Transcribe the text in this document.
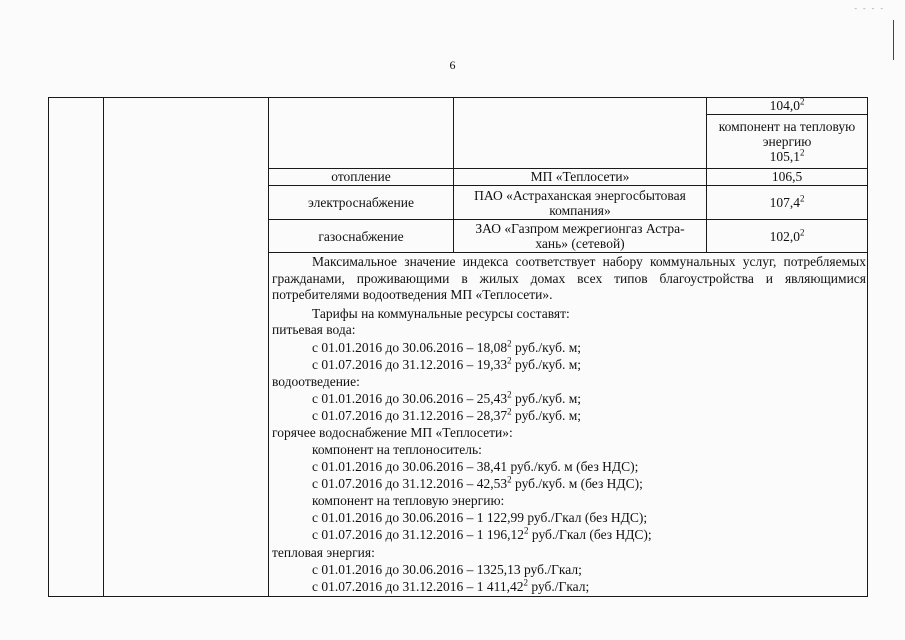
- - - -
6
104,0$^2$
компонент на тепловую
энергию
105,1$^2$
отопление	МП «Теплосети»	106,5
электроснабжение	ПАО «Астраханская энергосбытовая
компания»	107,4$^2$
газоснабжение	ЗАО «Газпром межрегионгаз Астра-
хань» (сетевой)	102,0$^2$
Максимальное значение индекса соответствует набору коммунальных услуг, потребляемых гражданами, проживающими в жилых домах всех типов благоустройства и являющимися потребителями водоотведения МП «Теплосети».
Тарифы на коммунальные ресурсы составят:
питьевая вода:
с 01.01.2016 до 30.06.2016 – 18,08$^2$ руб./куб. м;
с 01.07.2016 до 31.12.2016 – 19,33$^2$ руб./куб. м;
водоотведение:
с 01.01.2016 до 30.06.2016 – 25,43$^2$ руб./куб. м;
с 01.07.2016 до 31.12.2016 – 28,37$^2$ руб./куб. м;
горячее водоснабжение МП «Теплосети»:
компонент на теплоноситель:
с 01.01.2016 до 30.06.2016 – 38,41 руб./куб. м (без НДС);
с 01.07.2016 до 31.12.2016 – 42,53$^2$ руб./куб. м (без НДС);
компонент на тепловую энергию:
с 01.01.2016 до 30.06.2016 – 1 122,99 руб./Гкал (без НДС);
с 01.07.2016 до 31.12.2016 – 1 196,12$^2$ руб./Гкал (без НДС);
тепловая энергия:
с 01.01.2016 до 30.06.2016 – 1325,13 руб./Гкал;
с 01.07.2016 до 31.12.2016 – 1 411,42$^2$ руб./Гкал;
